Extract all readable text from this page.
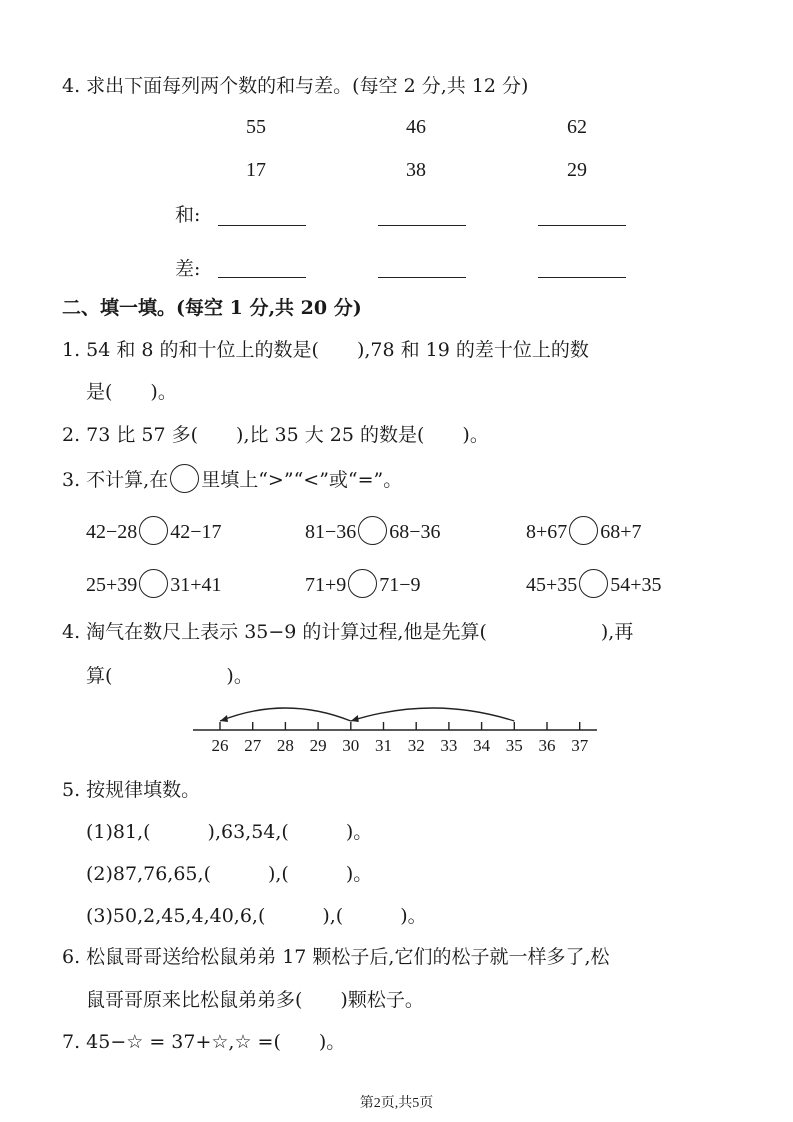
4. 求出下面每列两个数的和与差。(每空 2 分,共 12 分)
55	46	62
17	38	29
和:
差:
二、填一填。(每空 1 分,共 20 分)
1. 54 和 8 的和十位上的数是(　　),78 和 19 的差十位上的数
是(　　)。
2. 73 比 57 多(　　),比 35 大 25 的数是(　　)。
3. 不计算,在 里填上“>”“<”或“=”。
42−28 42−17	81−36 68−36	8+67 68+7
25+39 31+41	71+9 71−9	45+35 54+35
4. 淘气在数尺上表示 35−9 的计算过程,他是先算(　　　　　　),再
算(　　　　　　)。
26 27 28 29 30 31 32 33 34 35 36 37
5. 按规律填数。
(1)81,(　　　),63,54,(　　　)。
(2)87,76,65,(　　　),(　　　)。
(3)50,2,45,4,40,6,(　　　),(　　　)。
6. 松鼠哥哥送给松鼠弟弟 17 颗松子后,它们的松子就一样多了,松
鼠哥哥原来比松鼠弟弟多(　　)颗松子。
7. 45−☆ = 37+☆,☆ =(　　)。
第2页,共5页
